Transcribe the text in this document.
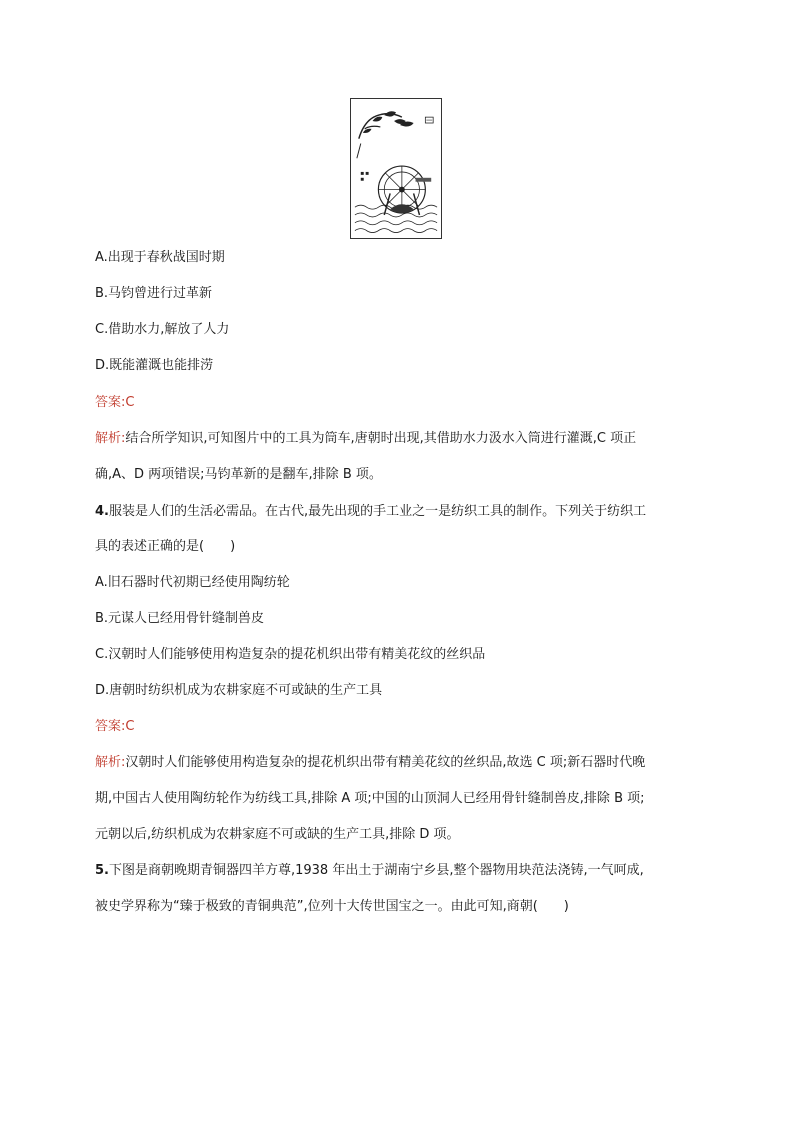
A.出现于春秋战国时期
B.马钧曾进行过革新
C.借助水力,解放了人力
D.既能灌溉也能排涝
答案:C
解析:结合所学知识,可知图片中的工具为筒车,唐朝时出现,其借助水力汲水入筒进行灌溉,C 项正
确,A、D 两项错误;马钧革新的是翻车,排除 B 项。
4.服装是人们的生活必需品。在古代,最先出现的手工业之一是纺织工具的制作。下列关于纺织工
具的表述正确的是(　　)
A.旧石器时代初期已经使用陶纺轮
B.元谋人已经用骨针缝制兽皮
C.汉朝时人们能够使用构造复杂的提花机织出带有精美花纹的丝织品
D.唐朝时纺织机成为农耕家庭不可或缺的生产工具
答案:C
解析:汉朝时人们能够使用构造复杂的提花机织出带有精美花纹的丝织品,故选 C 项;新石器时代晚
期,中国古人使用陶纺轮作为纺线工具,排除 A 项;中国的山顶洞人已经用骨针缝制兽皮,排除 B 项;
元朝以后,纺织机成为农耕家庭不可或缺的生产工具,排除 D 项。
5.下图是商朝晚期青铜器四羊方尊,1938 年出土于湖南宁乡县,整个器物用块范法浇铸,一气呵成,
被史学界称为“臻于极致的青铜典范”,位列十大传世国宝之一。由此可知,商朝(　　)
